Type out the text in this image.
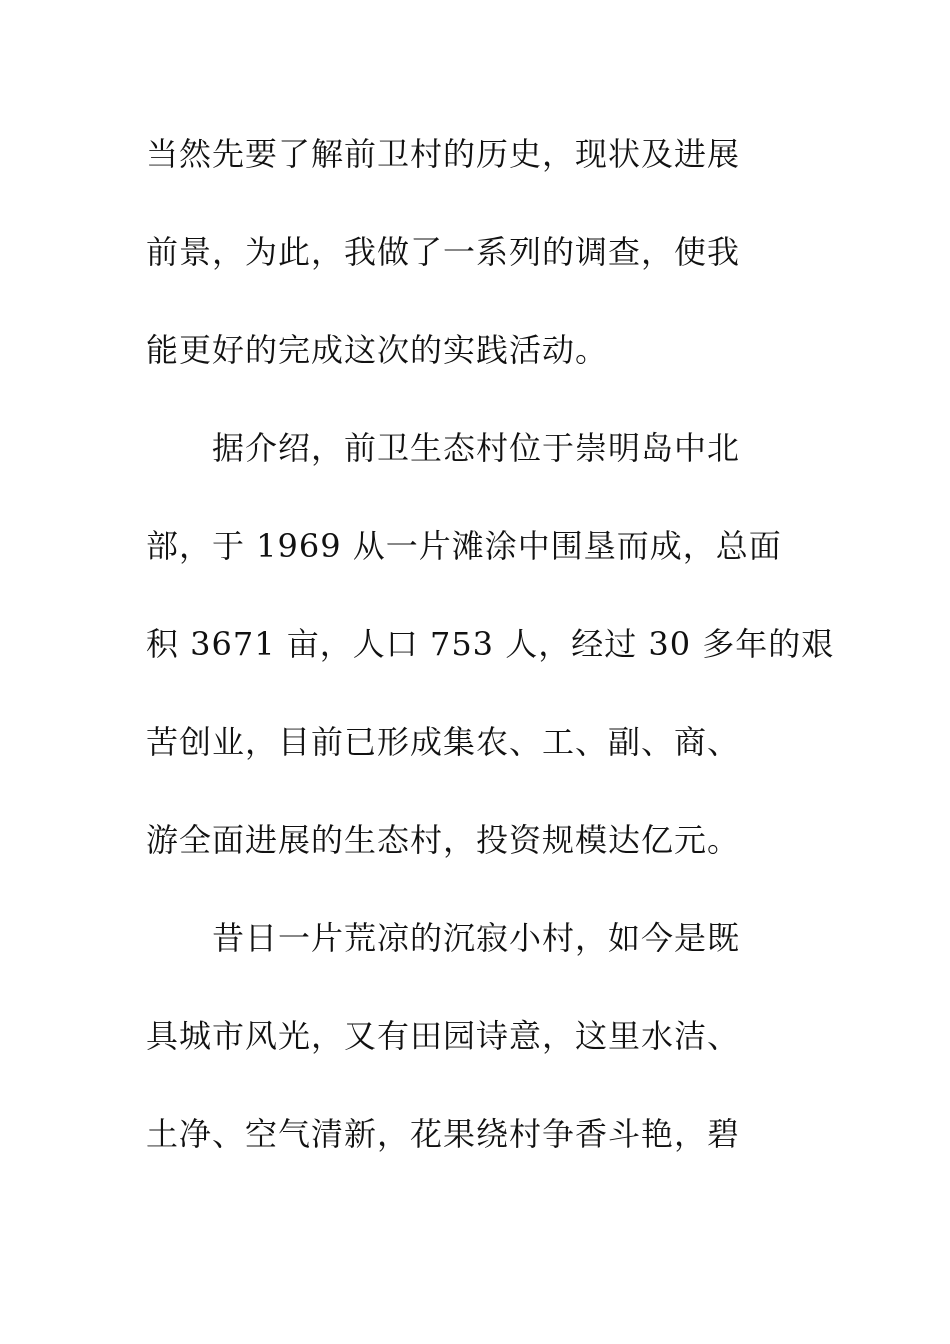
当然先要了解前卫村的历史，现状及进展
前景，为此，我做了一系列的调查，使我
能更好的完成这次的实践活动。
　　据介绍，前卫生态村位于崇明岛中北
部，于 1969 从一片滩涂中围垦而成，总面
积 3671 亩，人口 753 人，经过 30 多年的艰
苦创业，目前已形成集农、工、副、商、
游全面进展的生态村，投资规模达亿元。
　　昔日一片荒凉的沉寂小村，如今是既
具城市风光，又有田园诗意，这里水洁、
土净、空气清新，花果绕村争香斗艳，碧
